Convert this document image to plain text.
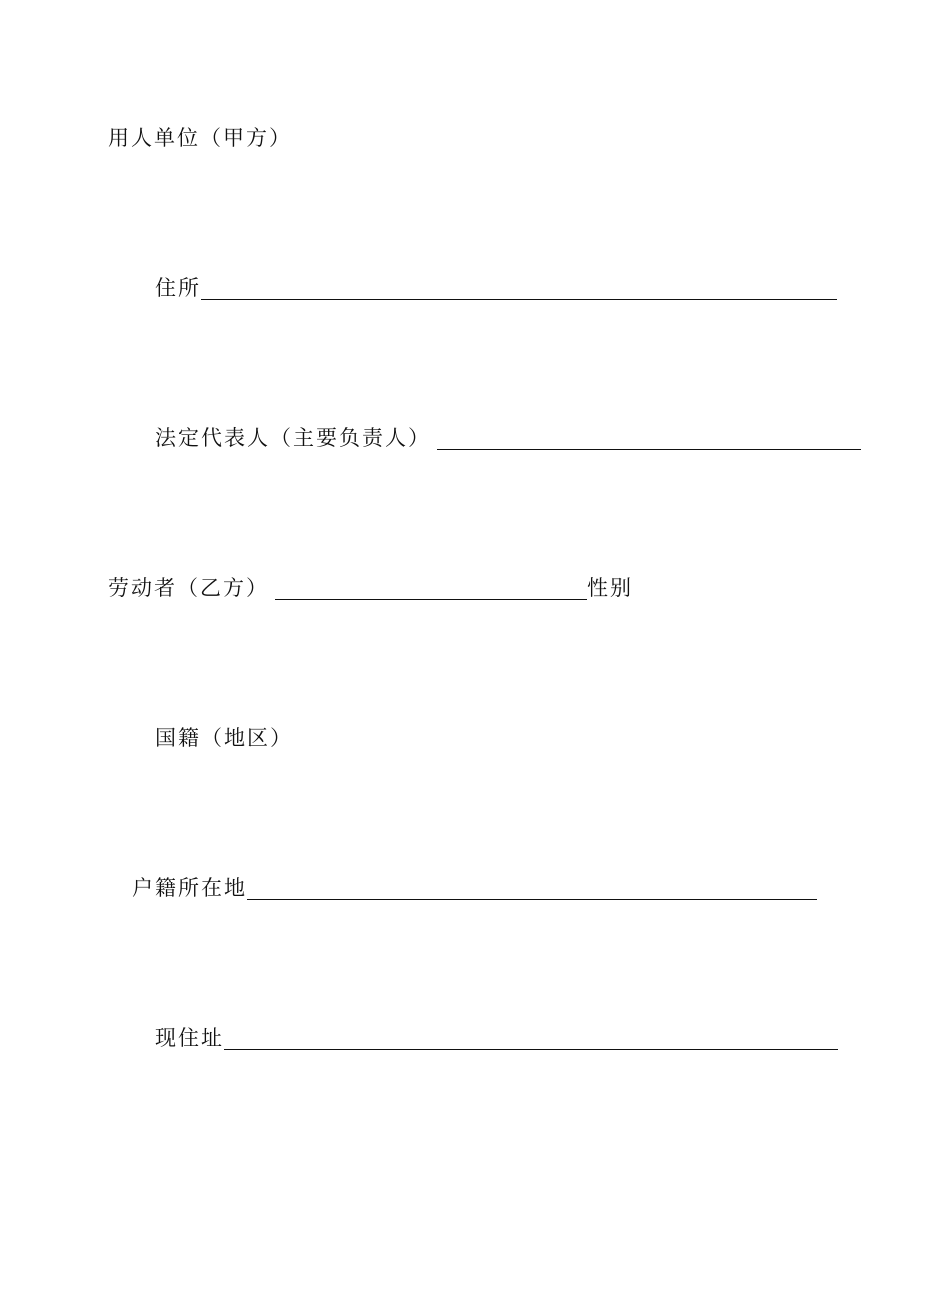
用人单位（甲方）
住所
法定代表人（主要负责人）
劳动者（乙方）	性别
国籍（地区）
户籍所在地
现住址
